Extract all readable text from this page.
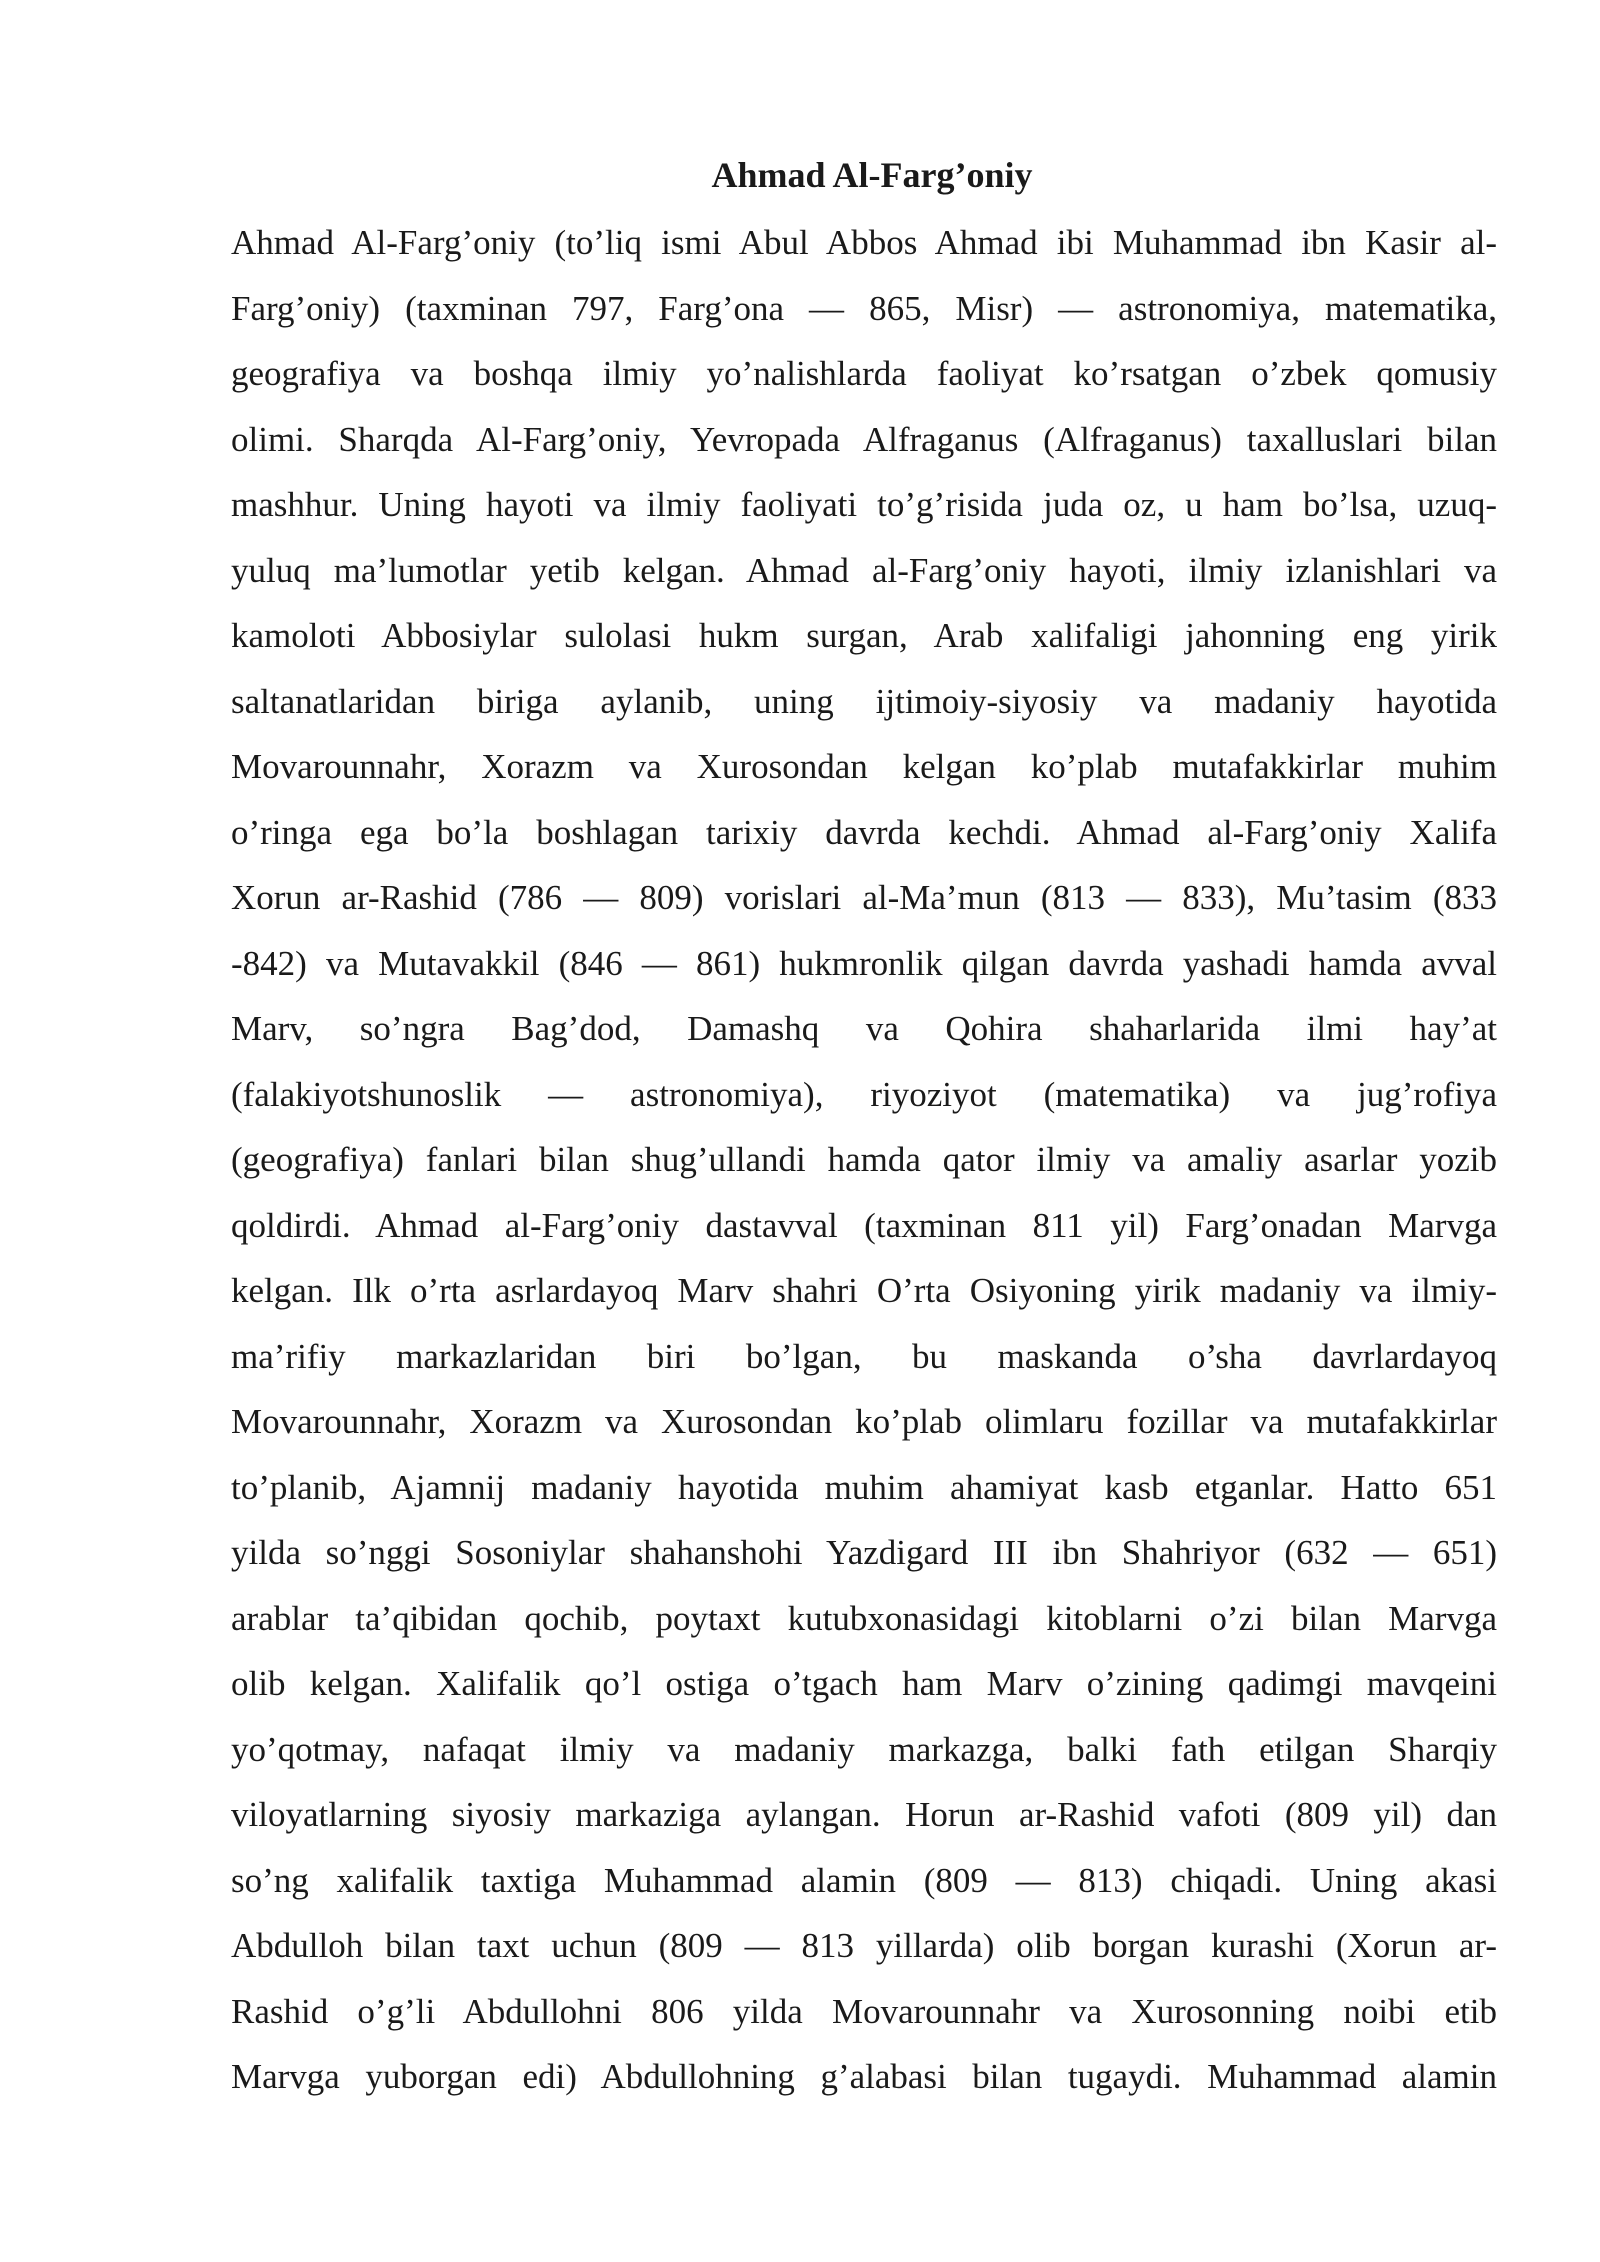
Ahmad Al-Farg’oniy
Ahmad Al-Farg’oniy (to’liq ismi Abul Abbos Ahmad ibi Muhammad ibn Kasir al-
Farg’oniy) (taxminan 797, Farg’ona — 865, Misr) — astronomiya, matematika,
geografiya va boshqa ilmiy yo’nalishlarda faoliyat ko’rsatgan o’zbek qomusiy
olimi. Sharqda Al-Farg’oniy, Yevropada Alfraganus (Alfraganus) taxalluslari bilan
mashhur. Uning hayoti va ilmiy faoliyati to’g’risida juda oz, u ham bo’lsa, uzuq-
yuluq ma’lumotlar yetib kelgan. Ahmad al-Farg’oniy hayoti, ilmiy izlanishlari va
kamoloti Abbosiylar sulolasi hukm surgan, Arab xalifaligi jahonning eng yirik
saltanatlaridan biriga aylanib, uning ijtimoiy-siyosiy va madaniy hayotida
Movarounnahr, Xorazm va Xurosondan kelgan ko’plab mutafakkirlar muhim
o’ringa ega bo’la boshlagan tarixiy davrda kechdi. Ahmad al-Farg’oniy Xalifa
Xorun ar-Rashid (786 — 809) vorislari al-Ma’mun (813 — 833), Mu’tasim (833
-842) va Mutavakkil (846 — 861) hukmronlik qilgan davrda yashadi hamda avval
Marv, so’ngra Bag’dod, Damashq va Qohira shaharlarida ilmi hay’at
(falakiyotshunoslik — astronomiya), riyoziyot (matematika) va jug’rofiya
(geografiya) fanlari bilan shug’ullandi hamda qator ilmiy va amaliy asarlar yozib
qoldirdi. Ahmad al-Farg’oniy dastavval (taxminan 811 yil) Farg’onadan Marvga
kelgan. Ilk o’rta asrlardayoq Marv shahri O’rta Osiyoning yirik madaniy va ilmiy-
ma’rifiy markazlaridan biri bo’lgan, bu maskanda o’sha davrlardayoq
Movarounnahr, Xorazm va Xurosondan ko’plab olimlaru fozillar va mutafakkirlar
to’planib, Ajamnij madaniy hayotida muhim ahamiyat kasb etganlar. Hatto 651
yilda so’nggi Sosoniylar shahanshohi Yazdigard III ibn Shahriyor (632 — 651)
arablar ta’qibidan qochib, poytaxt kutubxonasidagi kitoblarni o’zi bilan Marvga
olib kelgan. Xalifalik qo’l ostiga o’tgach ham Marv o’zining qadimgi mavqeini
yo’qotmay, nafaqat ilmiy va madaniy markazga, balki fath etilgan Sharqiy
viloyatlarning siyosiy markaziga aylangan. Horun ar-Rashid vafoti (809 yil) dan
so’ng xalifalik taxtiga Muhammad alamin (809 — 813) chiqadi. Uning akasi
Abdulloh bilan taxt uchun (809 — 813 yillarda) olib borgan kurashi (Xorun ar-
Rashid o’g’li Abdullohni 806 yilda Movarounnahr va Xurosonning noibi etib
Marvga yuborgan edi) Abdullohning g’alabasi bilan tugaydi. Muhammad alamin
